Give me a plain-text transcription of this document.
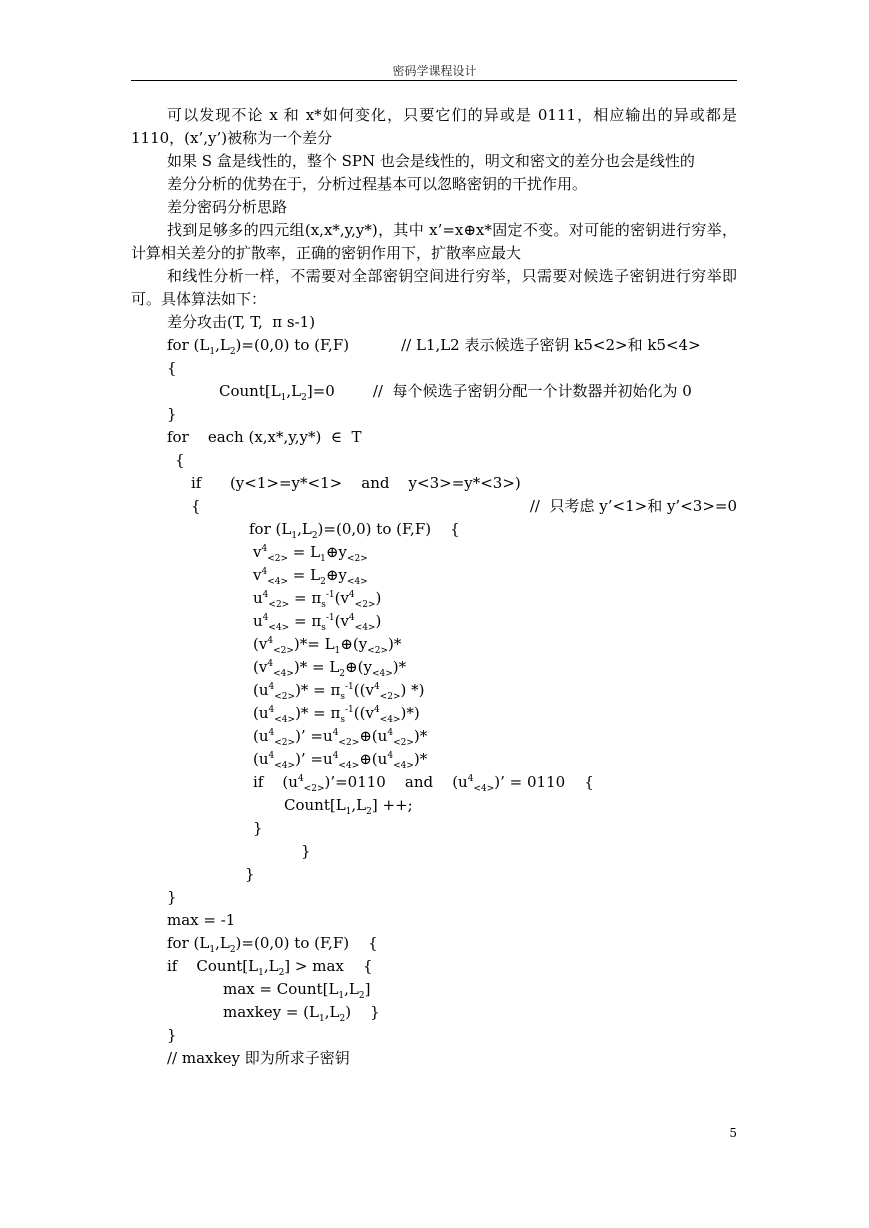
密码学课程设计

可以发现不论 x 和 x*如何变化，只要它们的异或是 0111，相应输出的异或都是 1110，(x’,y’)被称为一个差分

如果 S 盒是线性的，整个 SPN 也会是线性的，明文和密文的差分也会是线性的

差分分析的优势在于，分析过程基本可以忽略密钥的干扰作用。

差分密码分析思路

找到足够多的四元组(x,x*,y,y*)，其中 x’=x⊕x*固定不变。对可能的密钥进行穷举，计算相关差分的扩散率，正确的密钥作用下，扩散率应最大

和线性分析一样，不需要对全部密钥空间进行穷举，只需要对候选子密钥进行穷举即可。具体算法如下：

差分攻击(T, T,  π s-1)

for $(L_1,L_2)=(0,0)$ to (F,F)	// L1,L2 表示候选子密钥 k5<2>和 k5<4>

{

$Count[L_1,L_2]=0$	//  每个候选子密钥分配一个计数器并初始化为 0

}

for    each (x,x*,y,y*)  ∈  T

{

if      (y<1>=y*<1>    and    y<3>=y*<3>)

{	//  只考虑 y’<1>和 y’<3>=0

for $(L_1,L_2)=(0,0)$ to (F,F)    {

$v^4_{<2>}$ = $L_1\oplus y_{<2>}$

$v^4_{<4>}$ = $L_2\oplus y_{<4>}$

$u^4_{<2>} = \pi_s^{-1}(v^4_{<2>})$

$u^4_{<4>} = \pi_s^{-1}(v^4_{<4>})$

$(v^4_{<2>})*=$ $L_1\oplus(y_{<2>})*$

$(v^4_{<4>})*$ = $L_2\oplus(y_{<4>})*$

$(u^4_{<2>})* = \pi_s^{-1}((v^4_{<2>})$ *)

$(u^4_{<4>})* = \pi_s^{-1}((v^4_{<4>})*)$

$(u^4_{<2>})$’ $=u^4_{<2>}\oplus(u^4_{<2>})*$

$(u^4_{<4>})$’ $=u^4_{<4>}\oplus(u^4_{<4>})*$

if    $(u^4_{<2>})’=0110$    and    $(u^4_{<4>})$’ = 0110    {

$Count[L_1,L_2]$ ++;

}

}

}

}

max = -1

for $(L_1,L_2)=(0,0)$ to (F,F)    {

if    $Count[L_1,L_2] > \max$    {

$\max = Count[L_1,L_2]$

maxkey = $(L_1,L_2)$    }

}

// maxkey 即为所求子密钥

5
